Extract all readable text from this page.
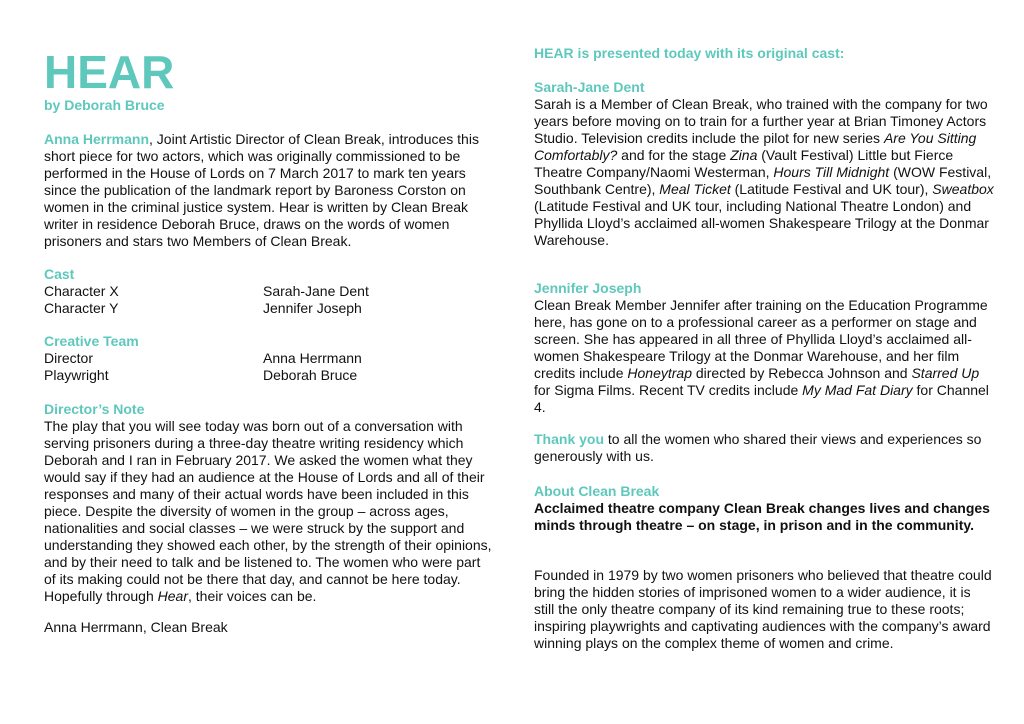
HEAR
by Deborah Bruce

Anna Herrmann, Joint Artistic Director of Clean Break, introduces this short piece for two actors, which was originally commissioned to be performed in the House of Lords on 7 March 2017 to mark ten years since the publication of the landmark report by Baroness Corston on women in the criminal justice system. Hear is written by Clean Break writer in residence Deborah Bruce, draws on the words of women prisoners and stars two Members of Clean Break.

Cast

Character X	Sarah-Jane Dent
Character Y	Jennifer Joseph

Creative Team

Director	Anna Herrmann
Playwright	Deborah Bruce

Director’s Note

The play that you will see today was born out of a conversation with serving prisoners during a three-day theatre writing residency which Deborah and I ran in February 2017. We asked the women what they would say if they had an audience at the House of Lords and all of their responses and many of their actual words have been included in this piece. Despite the diversity of women in the group – across ages, nationalities and social classes – we were struck by the support and understanding they showed each other, by the strength of their opinions, and by their need to talk and be listened to. The women who were part of its making could not be there that day, and cannot be here today. Hopefully through Hear, their voices can be.

Anna Herrmann, Clean Break

HEAR is presented today with its original cast:

Sarah-Jane Dent

Sarah is a Member of Clean Break, who trained with the company for two years before moving on to train for a further year at Brian Timoney Actors Studio. Television credits include the pilot for new series Are You Sitting Comfortably? and for the stage Zina (Vault Festival) Little but Fierce Theatre Company/Naomi Westerman, Hours Till Midnight (WOW Festival, Southbank Centre), Meal Ticket (Latitude Festival and UK tour), Sweatbox (Latitude Festival and UK tour, including National Theatre London) and Phyllida Lloyd’s acclaimed all-women Shakespeare Trilogy at the Donmar Warehouse.

Jennifer Joseph

Clean Break Member Jennifer after training on the Education Programme here, has gone on to a professional career as a performer on stage and screen. She has appeared in all three of Phyllida Lloyd’s acclaimed all-women Shakespeare Trilogy at the Donmar Warehouse, and her film credits include Honeytrap directed by Rebecca Johnson and Starred Up for Sigma Films. Recent TV credits include My Mad Fat Diary for Channel 4.

Thank you to all the women who shared their views and experiences so generously with us.

About Clean Break

Acclaimed theatre company Clean Break changes lives and changes minds through theatre – on stage, in prison and in the community.

Founded in 1979 by two women prisoners who believed that theatre could bring the hidden stories of imprisoned women to a wider audience, it is still the only theatre company of its kind remaining true to these roots; inspiring playwrights and captivating audiences with the company’s award winning plays on the complex theme of women and crime.
